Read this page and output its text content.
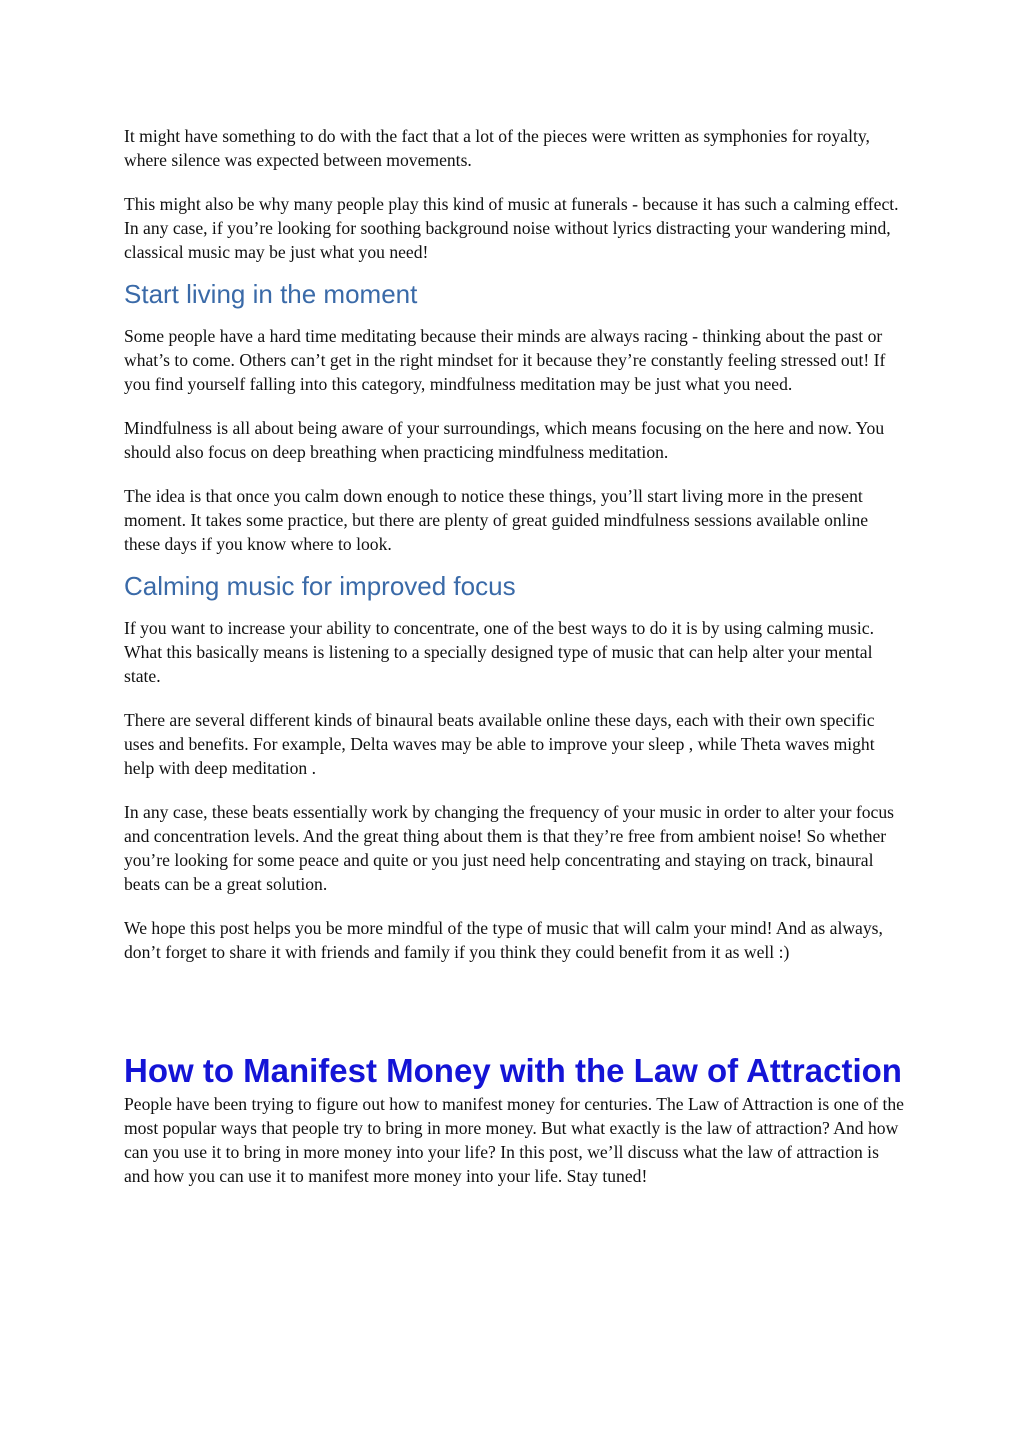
It might have something to do with the fact that a lot of the pieces were written as symphonies for royalty, where silence was expected between movements.

This might also be why many people play this kind of music at funerals - because it has such a calming effect. In any case, if you’re looking for soothing background noise without lyrics distracting your wandering mind, classical music may be just what you need!

Start living in the moment

Some people have a hard time meditating because their minds are always racing - thinking about the past or what’s to come. Others can’t get in the right mindset for it because they’re constantly feeling stressed out! If you find yourself falling into this category, mindfulness meditation may be just what you need.

Mindfulness is all about being aware of your surroundings, which means focusing on the here and now. You should also focus on deep breathing when practicing mindfulness meditation.

The idea is that once you calm down enough to notice these things, you’ll start living more in the present moment. It takes some practice, but there are plenty of great guided mindfulness sessions available online these days if you know where to look.

Calming music for improved focus

If you want to increase your ability to concentrate, one of the best ways to do it is by using calming music. What this basically means is listening to a specially designed type of music that can help alter your mental state.

There are several different kinds of binaural beats available online these days, each with their own specific uses and benefits. For example, Delta waves may be able to improve your sleep , while Theta waves might help with deep meditation .

In any case, these beats essentially work by changing the frequency of your music in order to alter your focus and concentration levels. And the great thing about them is that they’re free from ambient noise! So whether you’re looking for some peace and quite or you just need help concentrating and staying on track, binaural beats can be a great solution.

We hope this post helps you be more mindful of the type of music that will calm your mind! And as always, don’t forget to share it with friends and family if you think they could benefit from it as well :)

How to Manifest Money with the Law of Attraction

People have been trying to figure out how to manifest money for centuries. The Law of Attraction is one of the most popular ways that people try to bring in more money. But what exactly is the law of attraction? And how can you use it to bring in more money into your life? In this post, we’ll discuss what the law of attraction is and how you can use it to manifest more money into your life. Stay tuned!
